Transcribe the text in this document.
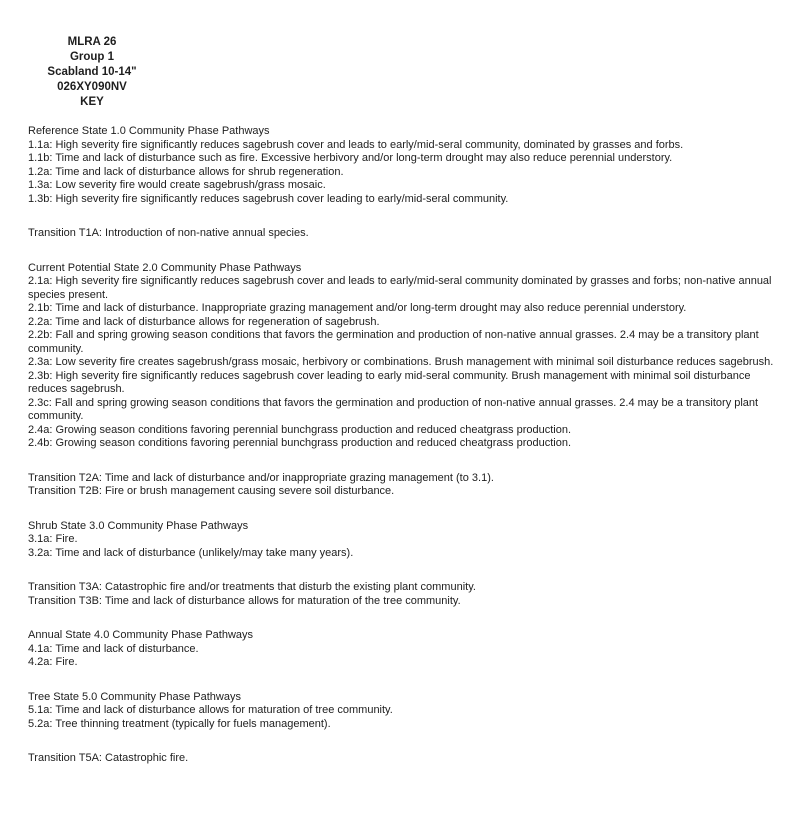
MLRA 26

Group 1

Scabland 10-14"

026XY090NV

KEY

Reference State 1.0 Community Phase Pathways

1.1a: High severity fire significantly reduces sagebrush cover and leads to early/mid-seral community, dominated by grasses and forbs.

1.1b: Time and lack of disturbance such as fire. Excessive herbivory and/or long-term drought may also reduce perennial understory.

1.2a: Time and lack of disturbance allows for shrub regeneration.

1.3a: Low severity fire would create sagebrush/grass mosaic.

1.3b: High severity fire significantly reduces sagebrush cover leading to early/mid-seral community.

Transition T1A: Introduction of non-native annual species.

Current Potential State 2.0 Community Phase Pathways

2.1a: High severity fire significantly reduces sagebrush cover and leads to early/mid-seral community dominated by grasses and forbs; non-native annual species present.

2.1b: Time and lack of disturbance. Inappropriate grazing management and/or long-term drought may also reduce perennial understory.

2.2a: Time and lack of disturbance allows for regeneration of sagebrush.

2.2b: Fall and spring growing season conditions that favors the germination and production of non-native annual grasses. 2.4 may be a transitory plant community.

2.3a: Low severity fire creates sagebrush/grass mosaic, herbivory or combinations. Brush management with minimal soil disturbance reduces sagebrush.

2.3b: High severity fire significantly reduces sagebrush cover leading to early mid-seral community. Brush management with minimal soil disturbance reduces sagebrush.

2.3c: Fall and spring growing season conditions that favors the germination and production of non-native annual grasses. 2.4 may be a transitory plant community.

2.4a: Growing season conditions favoring perennial bunchgrass production and reduced cheatgrass production.

2.4b: Growing season conditions favoring perennial bunchgrass production and reduced cheatgrass production.

Transition T2A: Time and lack of disturbance and/or inappropriate grazing management (to 3.1).

Transition T2B: Fire or brush management causing severe soil disturbance.

Shrub State 3.0 Community Phase Pathways

3.1a: Fire.

3.2a: Time and lack of disturbance (unlikely/may take many years).

Transition T3A: Catastrophic fire and/or treatments that disturb the existing plant community.

Transition T3B: Time and lack of disturbance allows for maturation of the tree community.

Annual State 4.0 Community Phase Pathways

4.1a: Time and lack of disturbance.

4.2a: Fire.

Tree State 5.0 Community Phase Pathways

5.1a: Time and lack of disturbance allows for maturation of tree community.

5.2a: Tree thinning treatment (typically for fuels management).

Transition T5A: Catastrophic fire.
